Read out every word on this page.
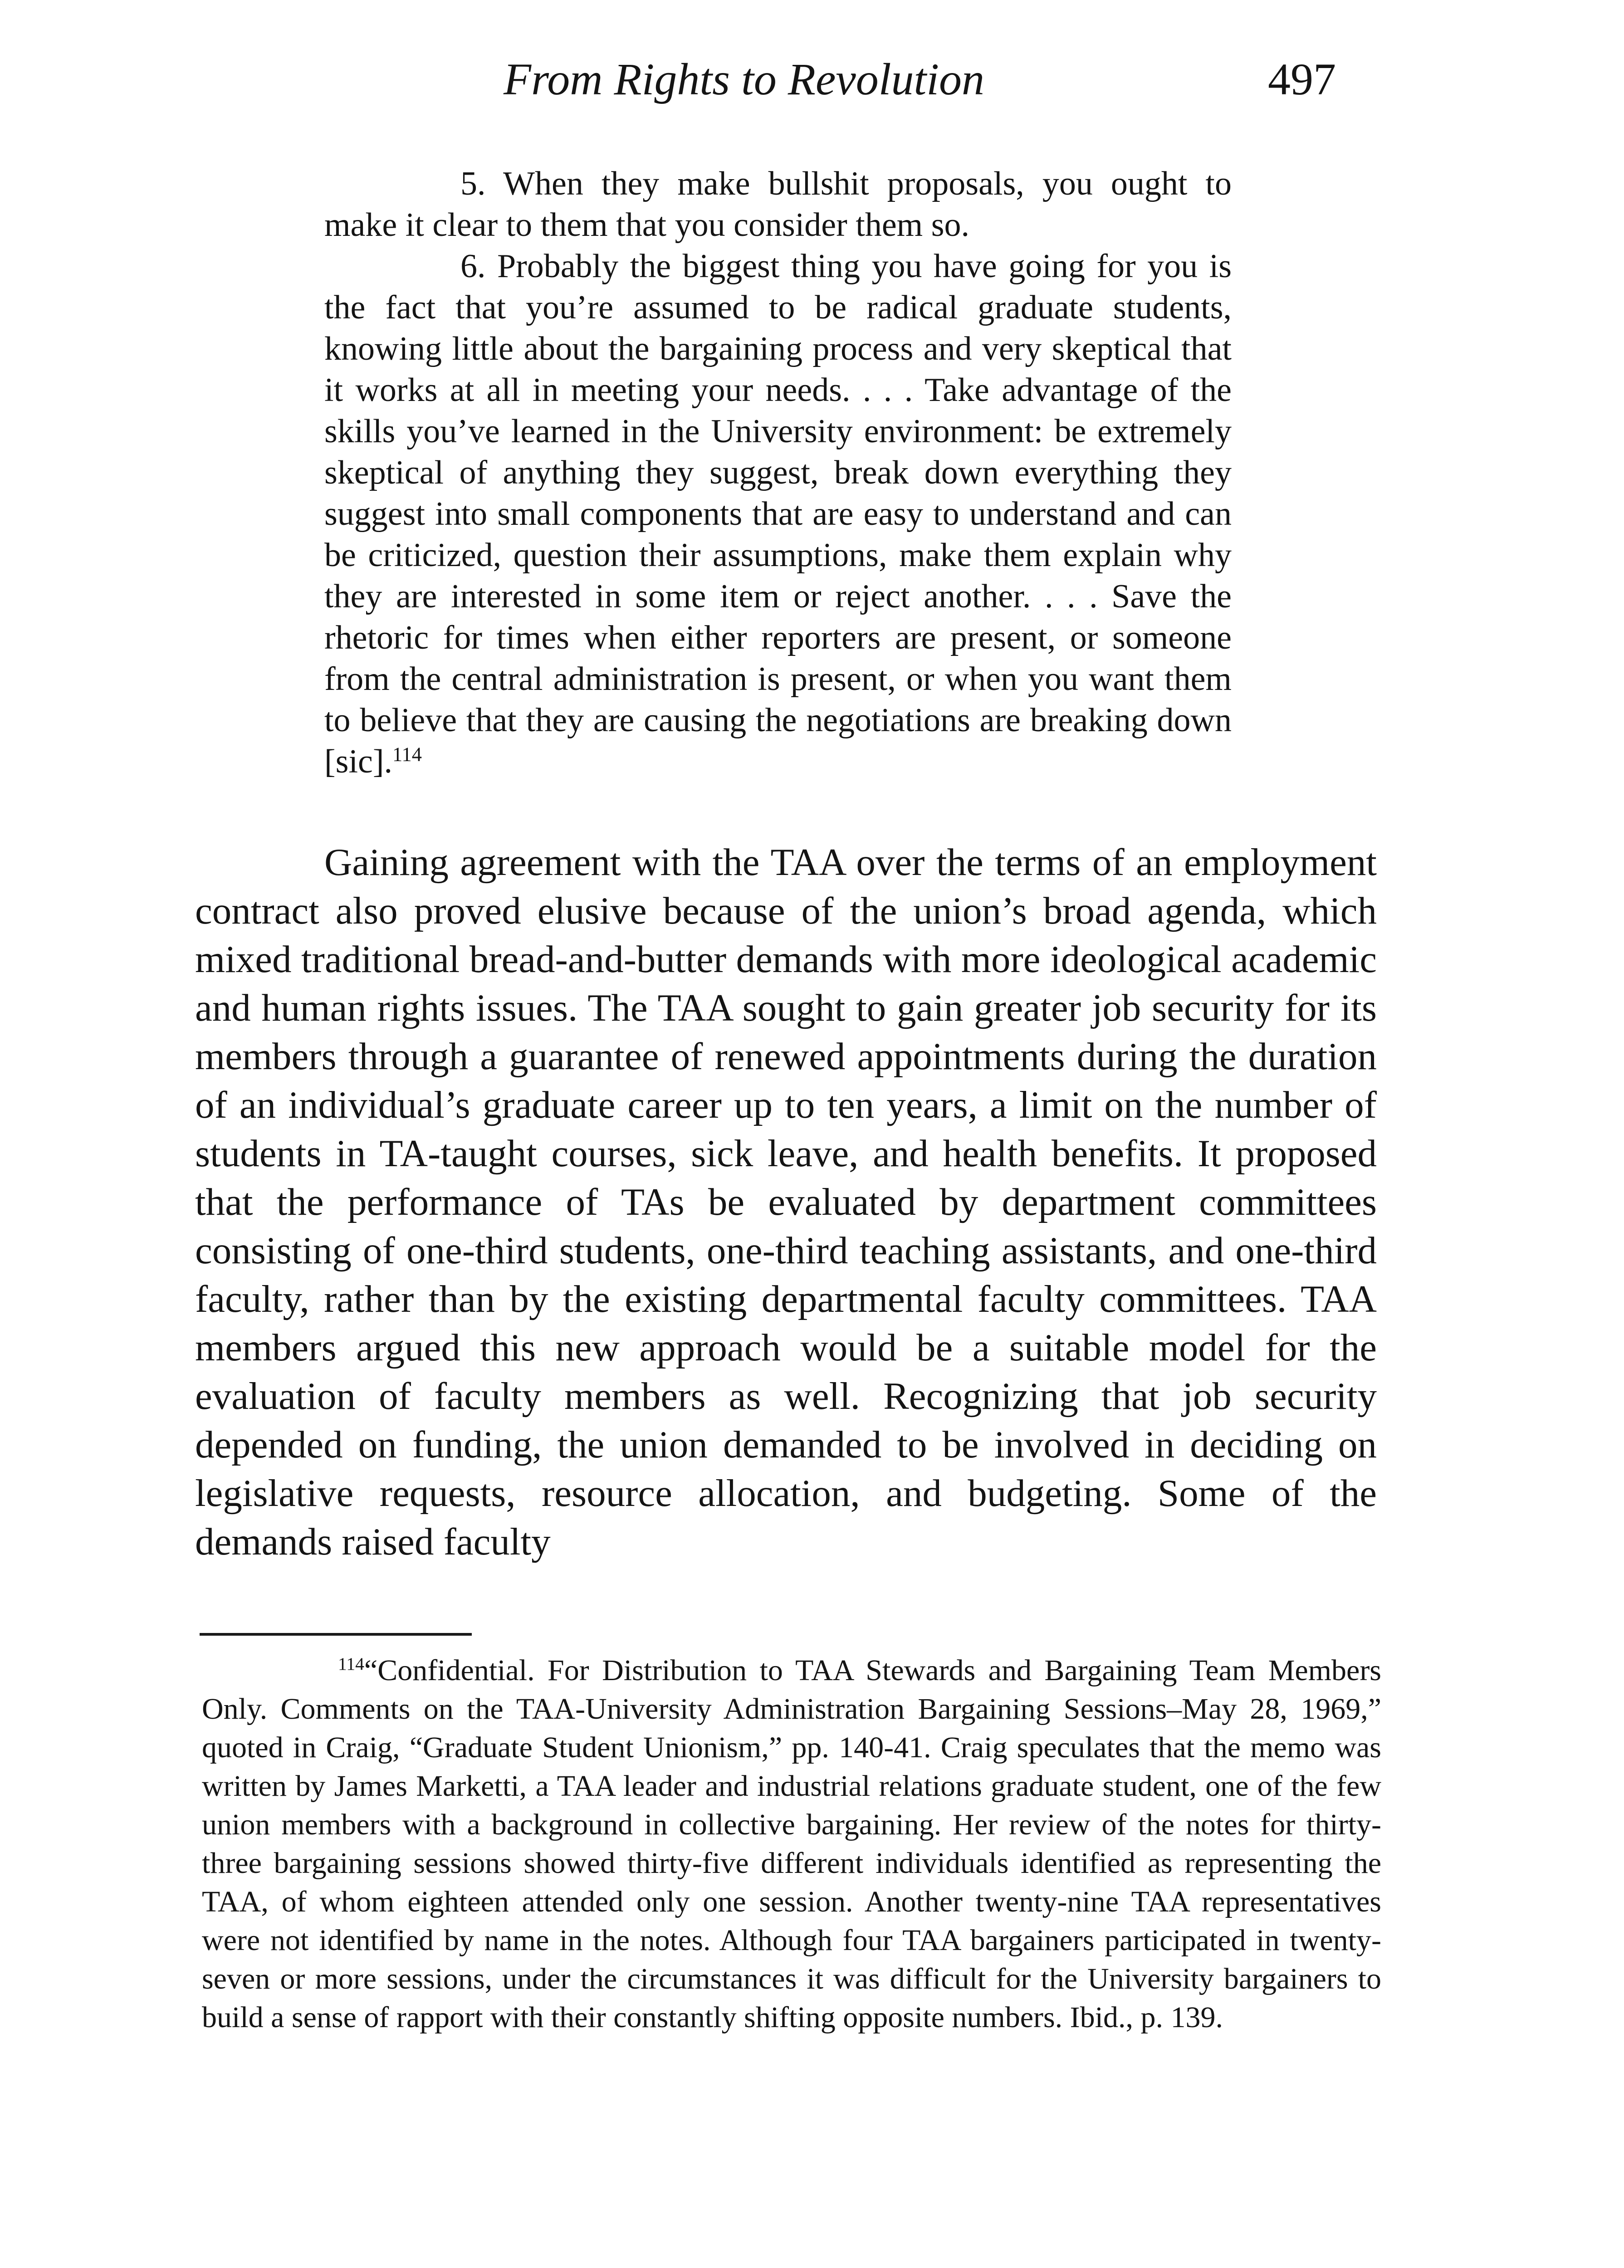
From Rights to Revolution	497

5. When they make bullshit proposals, you ought to make it clear to them that you consider them so.

6. Probably the biggest thing you have going for you is the fact that you’re assumed to be radical graduate students, knowing little about the bargaining process and very skeptical that it works at all in meeting your needs. . . . Take advantage of the skills you’ve learned in the University environment: be extremely skeptical of anything they suggest, break down everything they suggest into small components that are easy to understand and can be criticized, question their assumptions, make them explain why they are interested in some item or reject another. . . . Save the rhetoric for times when either reporters are present, or someone from the central administration is present, or when you want them to believe that they are causing the negotiations are breaking down [sic].$^{114}$

Gaining agreement with the TAA over the terms of an employment contract also proved elusive because of the union’s broad agenda, which mixed traditional bread-and-butter demands with more ideological academic and human rights issues. The TAA sought to gain greater job security for its members through a guarantee of renewed appointments during the duration of an individual’s graduate career up to ten years, a limit on the number of students in TA-taught courses, sick leave, and health benefits. It proposed that the performance of TAs be evaluated by department committees consisting of one-third students, one-third teaching assistants, and one-third faculty, rather than by the existing departmental faculty committees. TAA members argued this new approach would be a suitable model for the evaluation of faculty members as well. Recognizing that job security depended on funding, the union demanded to be involved in deciding on legislative requests, resource allocation, and budgeting. Some of the demands raised faculty

$^{114}$“Confidential. For Distribution to TAA Stewards and Bargaining Team Members Only. Comments on the TAA-University Administration Bargaining Sessions–May 28, 1969,” quoted in Craig, “Graduate Student Unionism,” pp. 140-41. Craig speculates that the memo was written by James Marketti, a TAA leader and industrial relations graduate student, one of the few union members with a background in collective bargaining. Her review of the notes for thirty-three bargaining sessions showed thirty-five different individuals identified as representing the TAA, of whom eighteen attended only one session. Another twenty-nine TAA representatives were not identified by name in the notes. Although four TAA bargainers participated in twenty-seven or more sessions, under the circumstances it was difficult for the University bargainers to build a sense of rapport with their constantly shifting opposite numbers. Ibid., p. 139.
